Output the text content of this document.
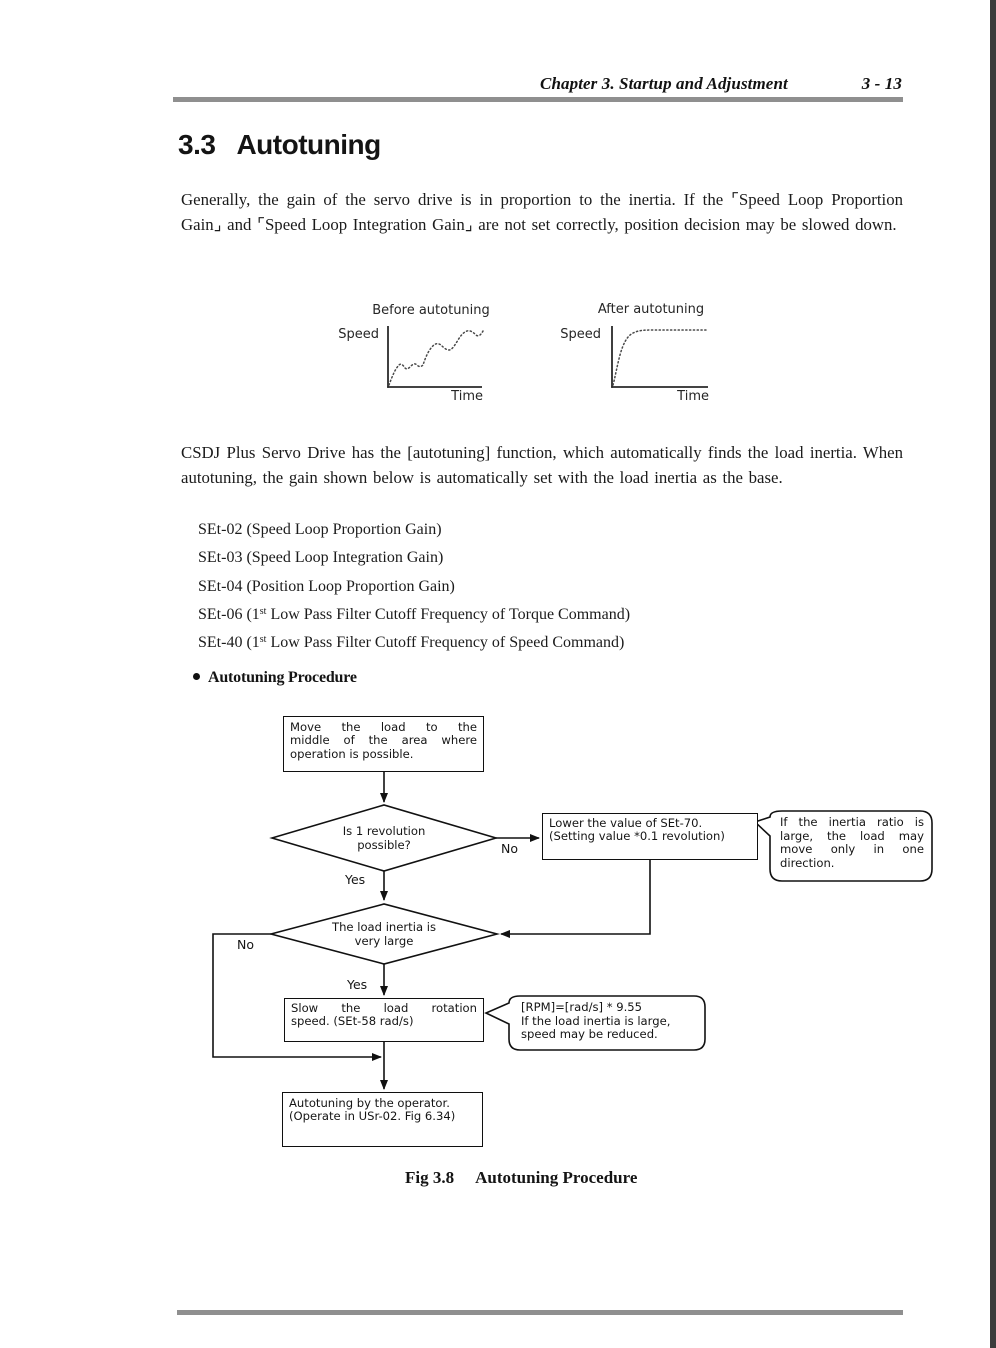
Chapter 3. Startup and Adjustment	3 - 13
3.3 Autotuning
Generally, the gain of the servo drive is in proportion to the inertia. If the ⌜Speed Loop Proportion Gain⌟ and ⌜Speed Loop Integration Gain⌟ are not set correctly, position decision may be slowed down.
Before autotuning
Speed
Time
After autotuning
Speed
Time
CSDJ Plus Servo Drive has the [autotuning] function, which automatically finds the load inertia. When autotuning, the gain shown below is automatically set with the load inertia as the base.
SEt-02 (Speed Loop Proportion Gain)
SEt-03 (Speed Loop Integration Gain)
SEt-04 (Position Loop Proportion Gain)
SEt-06 (1st Low Pass Filter Cutoff Frequency of Torque Command)
SEt-40 (1st Low Pass Filter Cutoff Frequency of Speed Command)
Autotuning Procedure
Move the load to the
middle of the area where
operation is possible.
Is 1 revolution
possible?	No
Yes
Lower the value of SEt-70.
(Setting value *0.1 revolution)
If the inertia ratio is
large, the load may
move only in one
direction.
The load inertia is
very large
No
Yes
Slow the load rotation
speed. (SEt-58 rad/s)
[RPM]=[rad/s] * 9.55
If the load inertia is large,
speed may be reduced.
Autotuning by the operator.
(Operate in USr-02. Fig 6.34)
Fig 3.8 Autotuning Procedure
